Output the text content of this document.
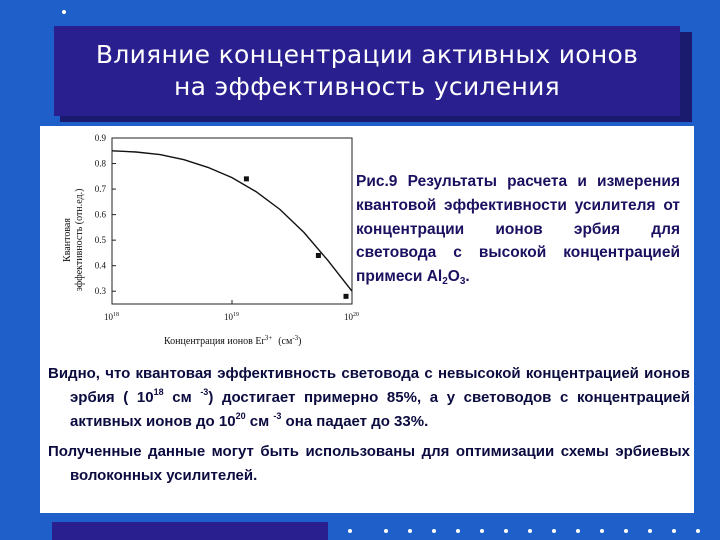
Влияние концентрации активных ионов
на эффективность усиления
Квантовая эффективность (отн.ед.) 0.3
0.4
0.5
0.6
0.7
0.8
0.9
$10^{18}$	$10^{19}$	$10^{20}$
Концентрация ионов $Er^{3+}$ $(см^{-3})$
Рис.9 Результаты расчета и измерения квантовой эффективности усилителя от концентрации ионов эрбия для световода с высокой концентрацией примеси $Al_2O_3$.

Видно, что квантовая эффективность световода с невысокой концентрацией ионов эрбия ( $10^{18}$ см $^{-3}$) достигает примерно 85%, а у световодов с концентрацией активных ионов до $10^{20}$ см $^{-3}$ она падает до 33%.

Полученные данные могут быть использованы для оптимизации схемы эрбиевых волоконных усилителей.
